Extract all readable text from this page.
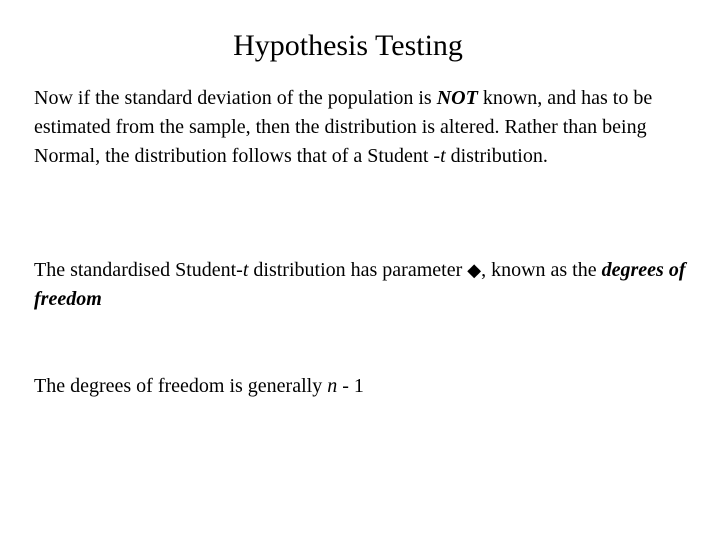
Hypothesis Testing

Now if the standard deviation of the population is NOT known, and has to be estimated from the sample, then the distribution is altered. Rather than being Normal, the distribution follows that of a Student -t distribution.

The standardised Student-t distribution has parameter ◆, known as the degrees of freedom

The degrees of freedom is generally n - 1
